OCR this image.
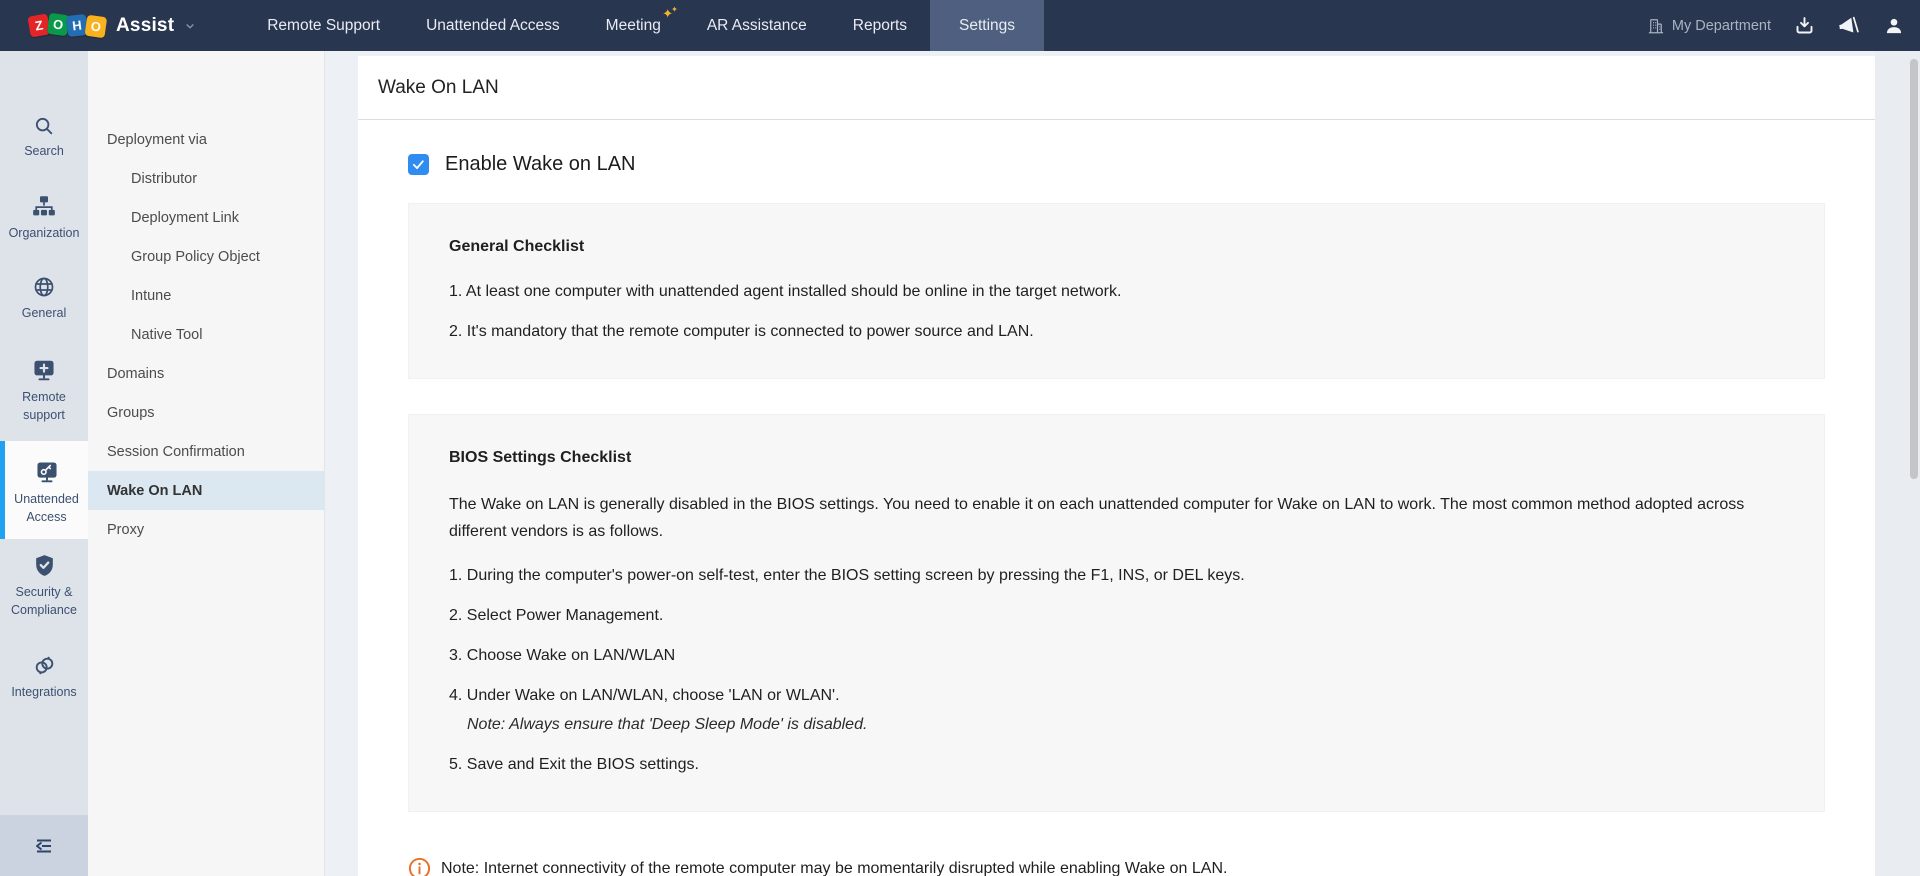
Z O H O Assist	Remote Support	Unattended Access	Meeting
✦✦
AR Assistance	Reports	Settings	My Department
Search
Organization
General
Remote support
Unattended Access
Security & Compliance
Integrations
Deployment via
Distributor
Deployment Link
Group Policy Object
Intune
Native Tool
Domains
Groups
Session Confirmation
Wake On LAN
Proxy
Wake On LAN
Enable Wake on LAN
General Checklist
1. At least one computer with unattended agent installed should be online in the target network.
2. It's mandatory that the remote computer is connected to power source and LAN.
BIOS Settings Checklist

The Wake on LAN is generally disabled in the BIOS settings. You need to enable it on each unattended computer for Wake on LAN to work. The most common method adopted across different vendors is as follows.

1. During the computer's power-on self-test, enter the BIOS setting screen by pressing the F1, INS, or DEL keys.
2. Select Power Management.
3. Choose Wake on LAN/WLAN
4. Under Wake on LAN/WLAN, choose 'LAN or WLAN'.
Note: Always ensure that 'Deep Sleep Mode' is disabled.
5. Save and Exit the BIOS settings.
Note: Internet connectivity of the remote computer may be momentarily disrupted while enabling Wake on LAN.
